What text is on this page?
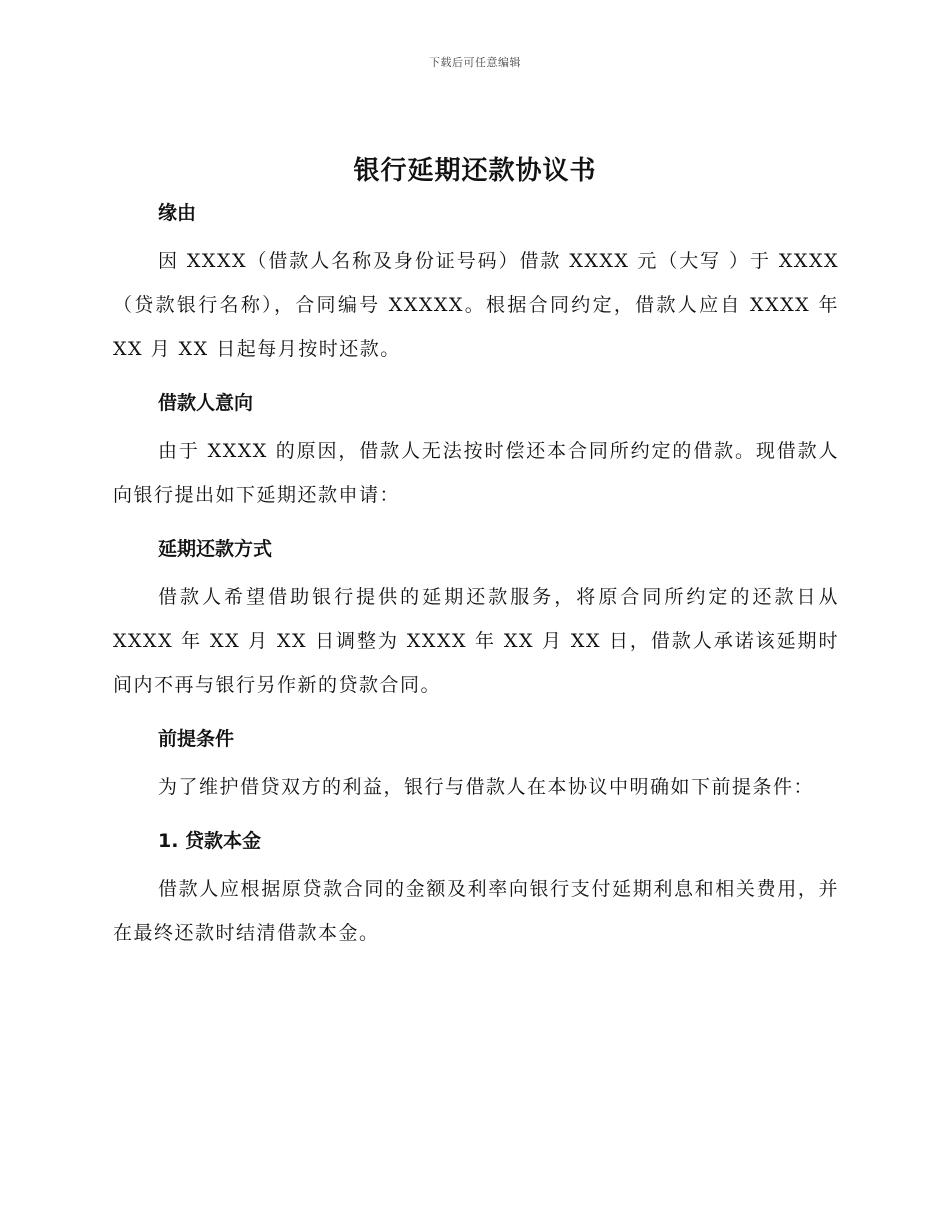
下载后可任意编辑
银行延期还款协议书
缘由

因 XXXX（借款人名称及身份证号码）借款 XXXX 元（大写 ）于 XXXX（贷款银行名称），合同编号 XXXXX。根据合同约定，借款人应自 XXXX 年 XX 月 XX 日起每月按时还款。

借款人意向

由于 XXXX 的原因，借款人无法按时偿还本合同所约定的借款。现借款人向银行提出如下延期还款申请：

延期还款方式

借款人希望借助银行提供的延期还款服务，将原合同所约定的还款日从 XXXX 年 XX 月 XX 日调整为 XXXX 年 XX 月 XX 日，借款人承诺该延期时间内不再与银行另作新的贷款合同。

前提条件

为了维护借贷双方的利益，银行与借款人在本协议中明确如下前提条件：

1. 贷款本金

借款人应根据原贷款合同的金额及利率向银行支付延期利息和相关费用，并在最终还款时结清借款本金。
